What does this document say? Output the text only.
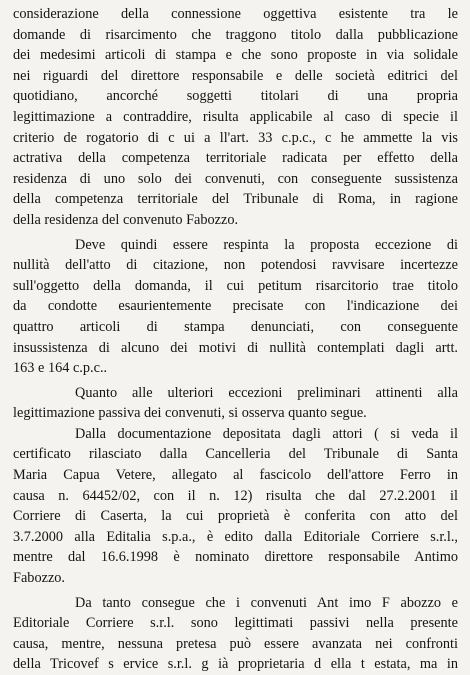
considerazione della connessione oggettiva esistente tra le
domande di risarcimento che traggono titolo dalla pubblicazione
dei medesimi articoli di stampa e che sono proposte in via solidale
nei riguardi del direttore responsabile e delle società editrici del
quotidiano, ancorché soggetti titolari di una propria
legittimazione a contraddire, risulta applicabile al caso di specie il
criterio de rogatorio di c ui a ll'art. 33 c.p.c., c he ammette la vis
actrativa della competenza territoriale radicata per effetto della
residenza di uno solo dei convenuti, con conseguente sussistenza
della competenza territoriale del Tribunale di Roma, in ragione
della residenza del convenuto Fabozzo.
Deve quindi essere respinta la proposta eccezione di
nullità dell'atto di citazione, non potendosi ravvisare incertezze
sull'oggetto della domanda, il cui petitum risarcitorio trae titolo
da condotte esaurientemente precisate con l'indicazione dei
quattro articoli di stampa denunciati, con conseguente
insussistenza di alcuno dei motivi di nullità contemplati dagli artt.
163 e 164 c.p.c..
Quanto alle ulteriori eccezioni preliminari attinenti alla
legittimazione passiva dei convenuti, si osserva quanto segue.
Dalla documentazione depositata dagli attori ( si veda il
certificato rilasciato dalla Cancelleria del Tribunale di Santa
Maria Capua Vetere, allegato al fascicolo dell'attore Ferro in
causa n. 64452/02, con il n. 12) risulta che dal 27.2.2001 il
Corriere di Caserta, la cui proprietà è conferita con atto del
3.7.2000 alla Editalia s.p.a., è edito dalla Editoriale Corriere s.r.l.,
mentre dal 16.6.1998 è nominato direttore responsabile Antimo
Fabozzo.
Da tanto consegue che i convenuti Ant imo F abozzo e
Editoriale Corriere s.r.l. sono legittimati passivi nella presente
causa, mentre, nessuna pretesa può essere avanzata nei confronti
della Tricovef s ervice s.r.l. g ià proprietaria d ella t estata, ma in
